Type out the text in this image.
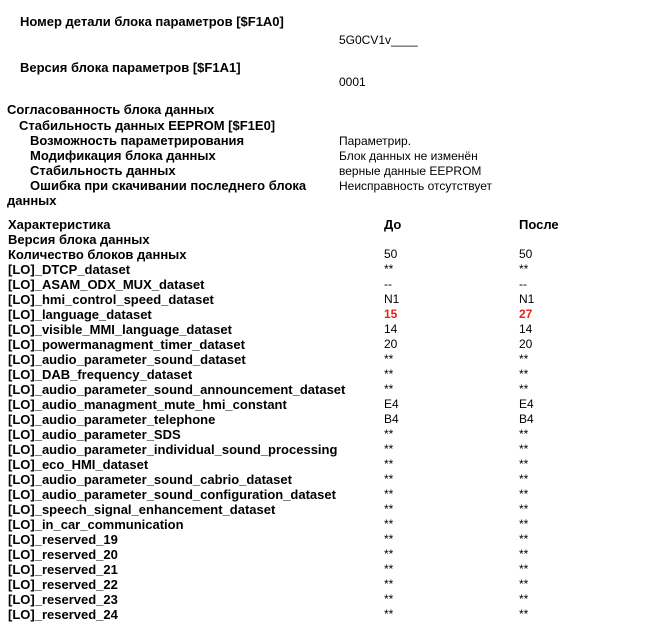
Номер детали блока параметров [$F1A0]
5G0CV1v____
Версия блока параметров [$F1A1]
0001
Согласованность блока данных
Стабильность данных EEPROM [$F1E0]
Возможность параметрирования	Параметрир.
Модификация блока данных	Блок данных не изменён
Стабильность данных	верные данные EEPROM
Ошибка при скачивании последнего блока	Неисправность отсутствует
данных
Характеристика	До	После
Версия блока данных
Количество блоков данных	50	50
[LO]_DTCP_dataset	**	**
[LO]_ASAM_ODX_MUX_dataset	--	--
[LO]_hmi_control_speed_dataset	N1	N1
[LO]_language_dataset	15	27
[LO]_visible_MMI_language_dataset	14	14
[LO]_powermanagment_timer_dataset	20	20
[LO]_audio_parameter_sound_dataset	**	**
[LO]_DAB_frequency_dataset	**	**
[LO]_audio_parameter_sound_announcement_dataset	**	**
[LO]_audio_managment_mute_hmi_constant	E4	E4
[LO]_audio_parameter_telephone	B4	B4
[LO]_audio_parameter_SDS	**	**
[LO]_audio_parameter_individual_sound_processing	**	**
[LO]_eco_HMI_dataset	**	**
[LO]_audio_parameter_sound_cabrio_dataset	**	**
[LO]_audio_parameter_sound_configuration_dataset	**	**
[LO]_speech_signal_enhancement_dataset	**	**
[LO]_in_car_communication	**	**
[LO]_reserved_19	**	**
[LO]_reserved_20	**	**
[LO]_reserved_21	**	**
[LO]_reserved_22	**	**
[LO]_reserved_23	**	**
[LO]_reserved_24	**	**
